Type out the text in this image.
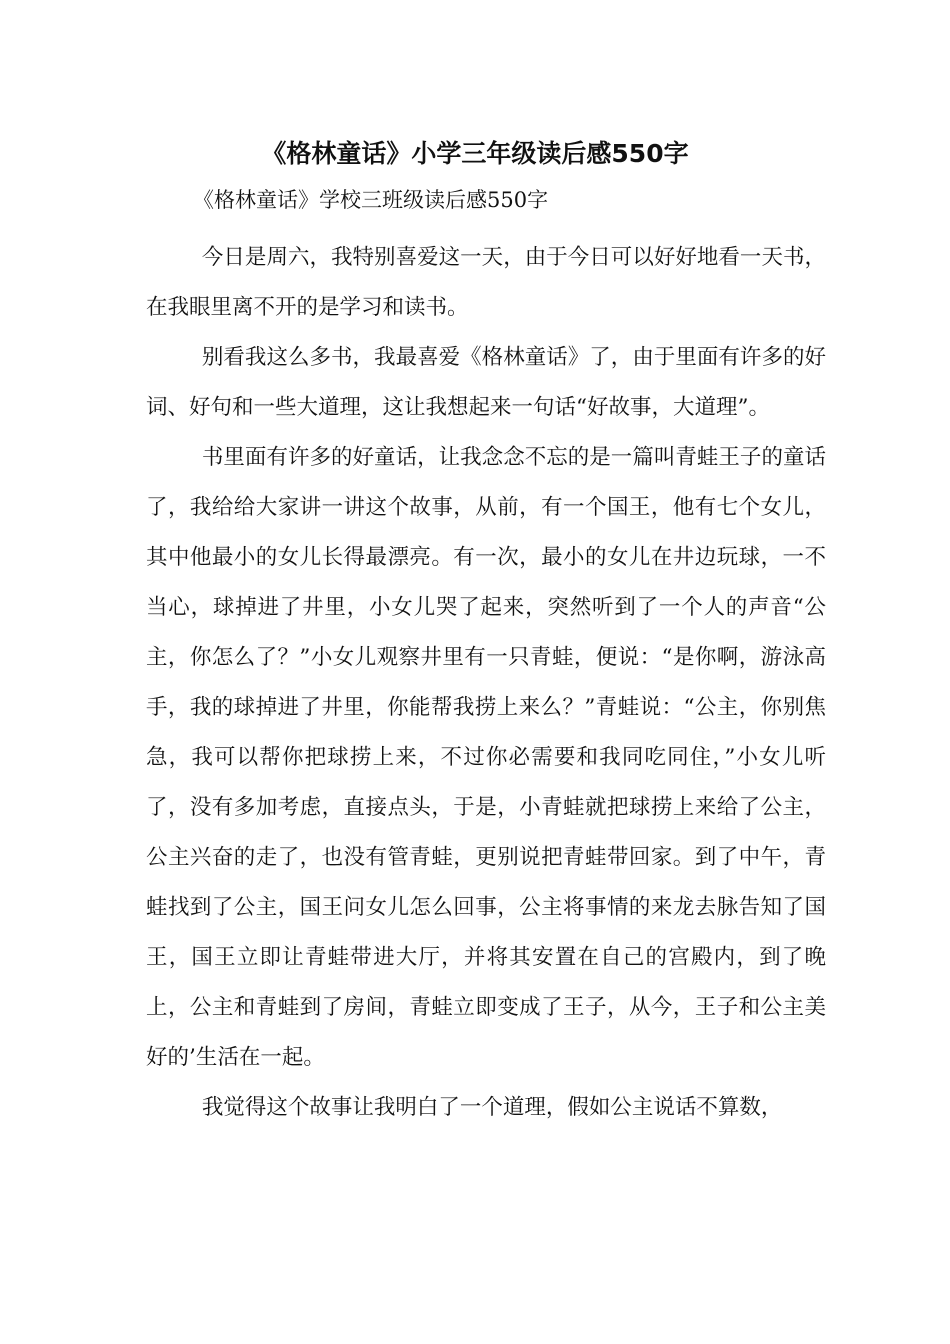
《格林童话》小学三年级读后感550字
《格林童话》学校三班级读后感550字

今日是周六，我特别喜爱这一天，由于今日可以好好地看一天书，在我眼里离不开的是学习和读书。

别看我这么多书，我最喜爱《格林童话》了，由于里面有许多的好词、好句和一些大道理，这让我想起来一句话“好故事，大道理”。

书里面有许多的好童话，让我念念不忘的是一篇叫青蛙王子的童话了，我给给大家讲一讲这个故事，从前，有一个国王，他有七个女儿，其中他最小的女儿长得最漂亮。有一次，最小的女儿在井边玩球，一不当心，球掉进了井里，小女儿哭了起来，突然听到了一个人的声音“公主，你怎么了？”小女儿观察井里有一只青蛙，便说：“是你啊，游泳高手，我的球掉进了井里，你能帮我捞上来么？”青蛙说：“公主，你别焦急，我可以帮你把球捞上来，不过你必需要和我同吃同住，”小女儿听了，没有多加考虑，直接点头，于是，小青蛙就把球捞上来给了公主，公主兴奋的走了，也没有管青蛙，更别说把青蛙带回家。到了中午，青蛙找到了公主，国王问女儿怎么回事，公主将事情的来龙去脉告知了国王，国王立即让青蛙带进大厅，并将其安置在自己的宫殿内，到了晚上，公主和青蛙到了房间，青蛙立即变成了王子，从今，王子和公主美好的’生活在一起。

我觉得这个故事让我明白了一个道理，假如公主说话不算数，
